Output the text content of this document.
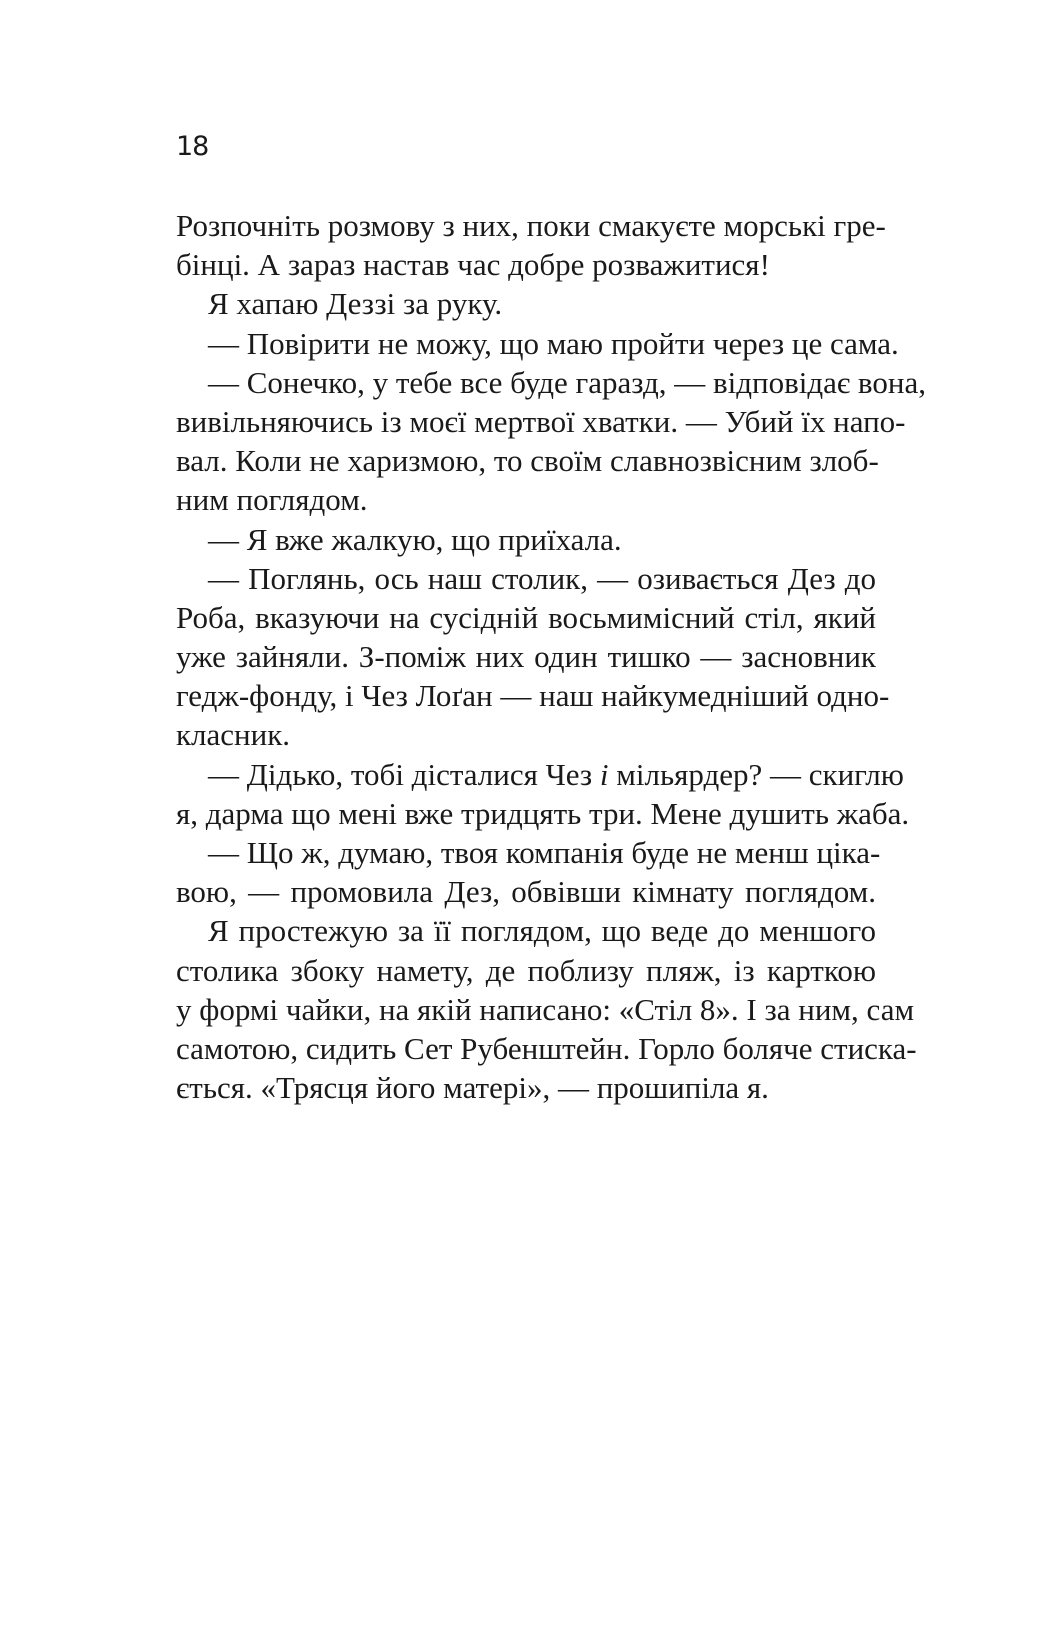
18
Розпочніть розмову з них, поки смакуєте морські гре-
бінці. А зараз настав час добре розважитися!
Я хапаю Деззі за руку.
— Повірити не можу, що маю пройти через це сама.
— Сонечко, у тебе все буде гаразд, — відповідає вона,
вивільняючись із моєї мертвої хватки. — Убий їх напо-
вал. Коли не харизмою, то своїм славнозвісним злоб-
ним поглядом.
— Я вже жалкую, що приїхала.
— Поглянь, ось наш столик, — озивається Дез до
Роба, вказуючи на сусідній восьмимісний стіл, який
уже зайняли. З-поміж них один тишко — засновник
гедж-фонду, і Чез Лоґан — наш найкумедніший одно-
класник.
— Дідько, тобі дісталися Чез і мільярдер? — скиглю
я, дарма що мені вже тридцять три. Мене душить жаба.
— Що ж, думаю, твоя компанія буде не менш ціка-
вою, — промовила Дез, обвівши кімнату поглядом.
Я простежую за її поглядом, що веде до меншого
столика збоку намету, де поблизу пляж, із карткою
у формі чайки, на якій написано: «Стіл 8». І за ним, сам
самотою, сидить Сет Рубенштейн. Горло боляче стиска-
ється. «Трясця його матері», — прошипіла я.
